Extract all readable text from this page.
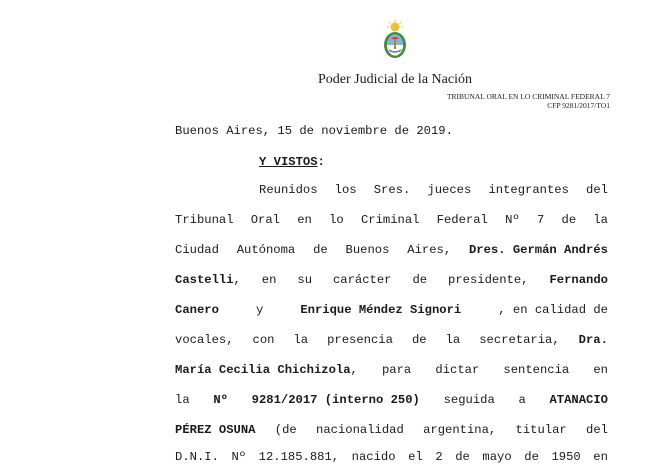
Poder Judicial de la Nación
TRIBUNAL ORAL EN LO CRIMINAL FEDERAL 7
CFP 9281/2017/TO1
Buenos Aires, 15 de noviembre de 2019.
Y VISTOS:
Reunidos los Sres. jueces integrantes del
Tribunal Oral en lo Criminal Federal Nº 7 de la
Ciudad Autónoma de Buenos Aires, Dres. Germán Andrés
Castelli, en su carácter de presidente, Fernando
Canero	y	Enrique Méndez Signori	, en calidad de
vocales, con la presencia de la secretaria, Dra.
María Cecilia Chichizola, para dictar sentencia en
la Nº 9281/2017 (interno 250) seguida a ATANACIO
PÉREZ OSUNA (de nacionalidad argentina, titular del
D.N.I. Nº 12.185.881, nacido el 2 de mayo de 1950 en
